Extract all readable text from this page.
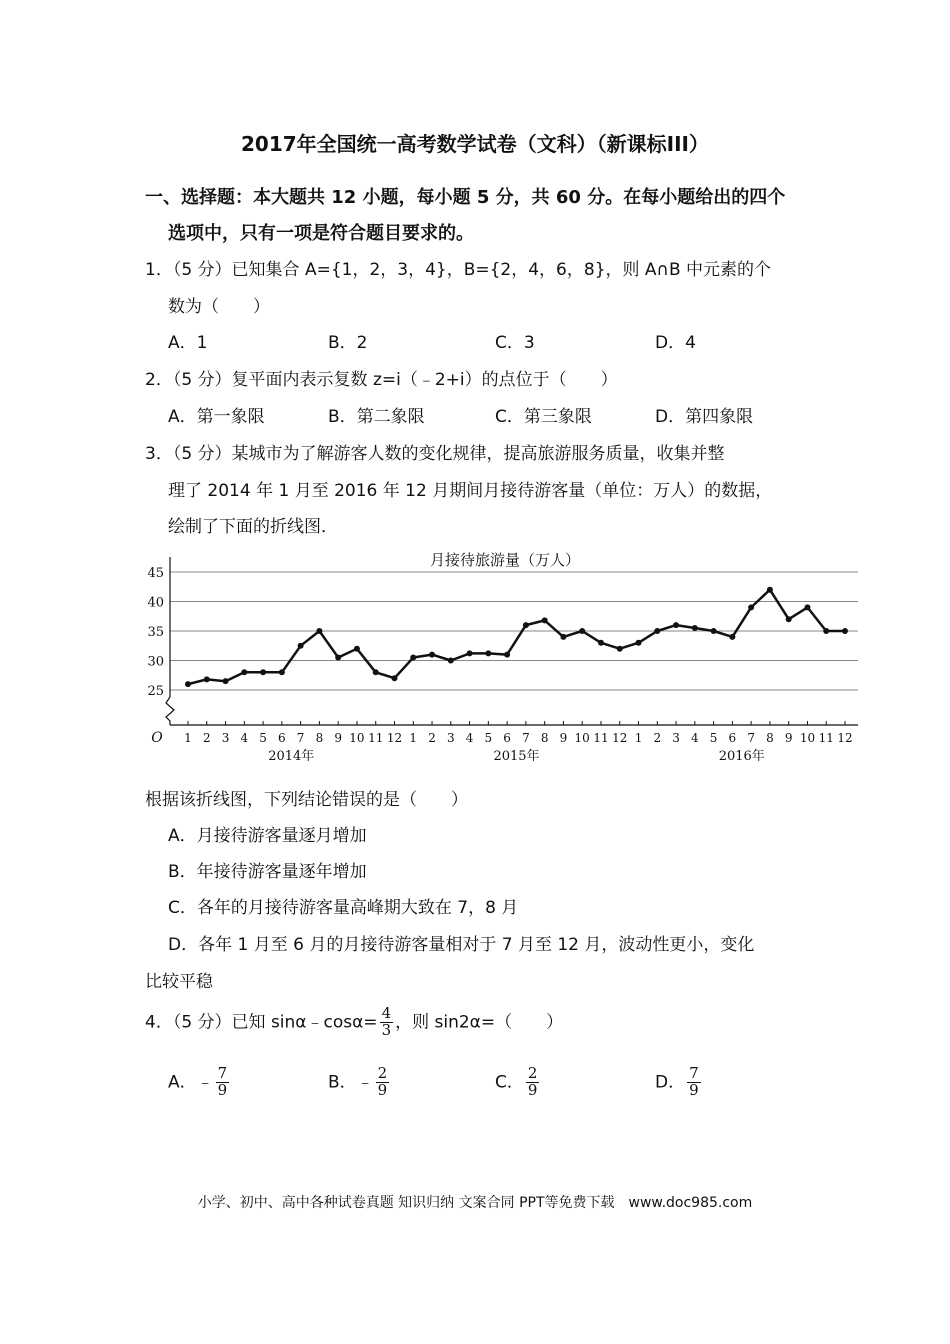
2017年全国统一高考数学试卷（文科）（新课标III）
一、选择题：本大题共 12 小题，每小题 5 分，共 60 分。在每小题给出的四个
选项中，只有一项是符合题目要求的。
1．（5 分）已知集合 A={1，2，3，4}，B={2，4，6，8}，则 A∩B 中元素的个
数为（　　）
A．1	B．2	C．3	D．4
2．（5 分）复平面内表示复数 z=i（﹣2+i）的点位于（　　）
A．第一象限	B．第二象限	C．第三象限	D．第四象限
3．（5 分）某城市为了解游客人数的变化规律，提高旅游服务质量，收集并整
理了 2014 年 1 月至 2016 年 12 月期间月接待游客量（单位：万人）的数据，
绘制了下面的折线图．
月接待旅游量（万人）
25
30
35
40
45
O 1 2 3 4 5 6 7 8 9 10 11 12 1 2 3 4 5 6 7 8 9 10 11 12 1 2 3 4 5 6 7 8 9 10 11 12
2014年	2015年	2016年
根据该折线图，下列结论错误的是（　　）
A．月接待游客量逐月增加
B．年接待游客量逐年增加
C．各年的月接待游客量高峰期大致在 7，8 月
D．各年 1 月至 6 月的月接待游客量相对于 7 月至 12 月，波动性更小，变化
比较平稳
4．（5 分）已知 sinα﹣cosα= $\frac{4}{3}$ ，则 sin2α=（　　）
A．﹣ $\frac{7}{9}$	B．﹣ $\frac{2}{9}$	C． $\frac{2}{9}$	D． $\frac{7}{9}$
小学、初中、高中各种试卷真题 知识归纳 文案合同 PPT等免费下载　www.doc985.com
